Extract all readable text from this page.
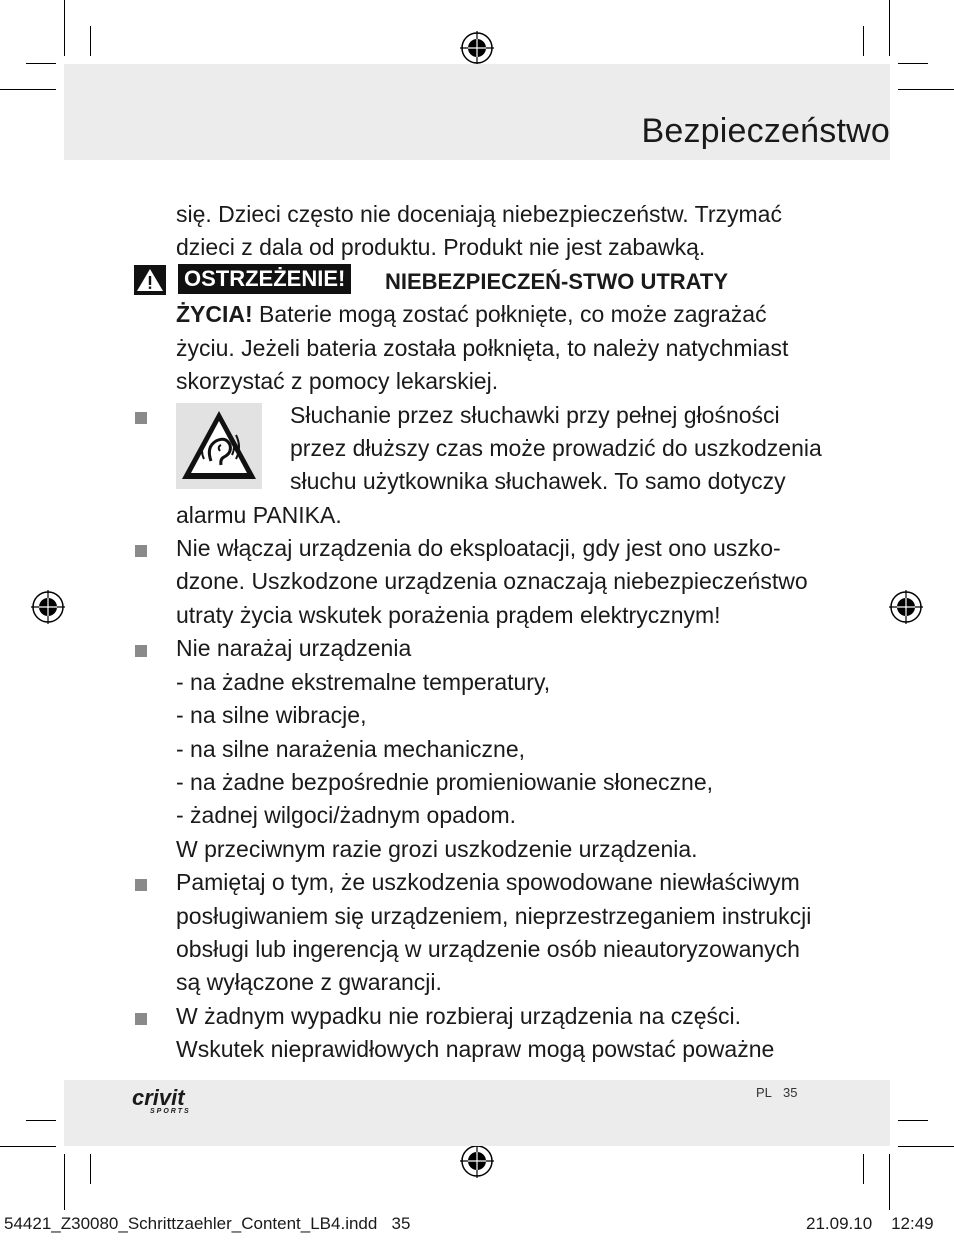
Bezpieczeństwo
się. Dzieci często nie doceniają niebezpieczeństw. Trzymać
dzieci z dala od produktu. Produkt nie jest zabawką.
OSTRZEŻENIE! NIEBEZPIECZEŃ-STWO UTRATY
ŻYCIA! Baterie mogą zostać połknięte, co może zagrażać
życiu. Jeżeli bateria została połknięta, to należy natychmiast
skorzystać z pomocy lekarskiej.
Słuchanie przez słuchawki przy pełnej głośności
przez dłuższy czas może prowadzić do uszkodzenia
słuchu użytkownika słuchawek. To samo dotyczy
alarmu PANIKA.
Nie włączaj urządzenia do eksploatacji, gdy jest ono uszko-
dzone. Uszkodzone urządzenia oznaczają niebezpieczeństwo
utraty życia wskutek porażenia prądem elektrycznym!
Nie narażaj urządzenia
- na żadne ekstremalne temperatury,
- na silne wibracje,
- na silne narażenia mechaniczne,
- na żadne bezpośrednie promieniowanie słoneczne,
- żadnej wilgoci/żadnym opadom.
W przeciwnym razie grozi uszkodzenie urządzenia.
Pamiętaj o tym, że uszkodzenia spowodowane niewłaściwym
posługiwaniem się urządzeniem, nieprzestrzeganiem instrukcji
obsługi lub ingerencją w urządzenie osób nieautoryzowanych
są wyłączone z gwarancji.
W żadnym wypadku nie rozbieraj urządzenia na części.
Wskutek nieprawidłowych napraw mogą powstać poważne
crivit
SPORTS
PL 35
54421_Z30080_Schrittzaehler_Content_LB4.indd   35	21.09.10    12:49
